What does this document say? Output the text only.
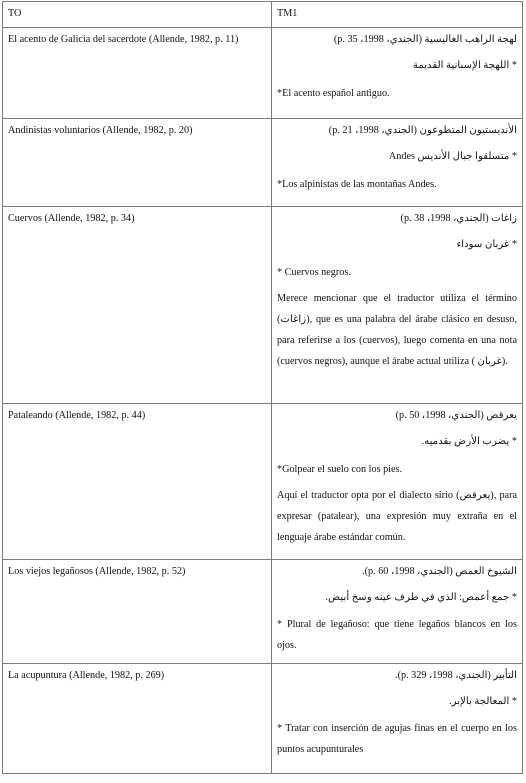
TO	TM1
El acento de Galicia del sacerdote (Allende, 1982, p. 11)	لهجة الراهب الغاليسية (الجندي، 1998، p. 35)

* اللهجة الإسبانية القديمة

*El acento español antiguo.

Andinistas voluntarios (Allende, 1982, p. 20)	الأنديستيون المتطوعون (الجندي، 1998، p. 21)

* متسلقوا جبال الأنديس Andes

*Los alpinistas de las montañas Andes.

Cuervos (Allende, 1982, p. 34)	زاغات (الجندي، 1998، p. 38)

* غربان سوداء

* Cuervos negros.

Merece mencionar que el traductor utiliza el término (زاغات), que es una palabra del árabe clásico en desuso, para referirse a los (cuervos), luego comenta en una nota (cuervos negros), aunque el árabe actual utiliza ( غربان).

Pataleando (Allende, 1982, p. 44)	يعرقص (الجندي، 1998، p. 50)

* يضرب الأرض بقدميه.

*Golpear el suelo con los pies.

Aquí el traductor opta por el dialecto sirio (يعرقص), para expresar (patalear), una expresión muy extraña en el lenguaje árabe estándar común.

Los viejos legañosos (Allende, 1982, p. 52)	الشيوخ العمص (الجندي، 1998، p. 60).

* جمع أعمص: الذي في طرف عينه وسخ أبيض.

* Plural de legañoso: que tiene legaños blancos en los ojos.

La acupuntura (Allende, 1982, p. 269)	التأبير (الجندي، 1998، p. 329).

* المعالجة بالإبر.

* Tratar con inserción de agujas finas en el cuerpo en los puntos acupunturales
